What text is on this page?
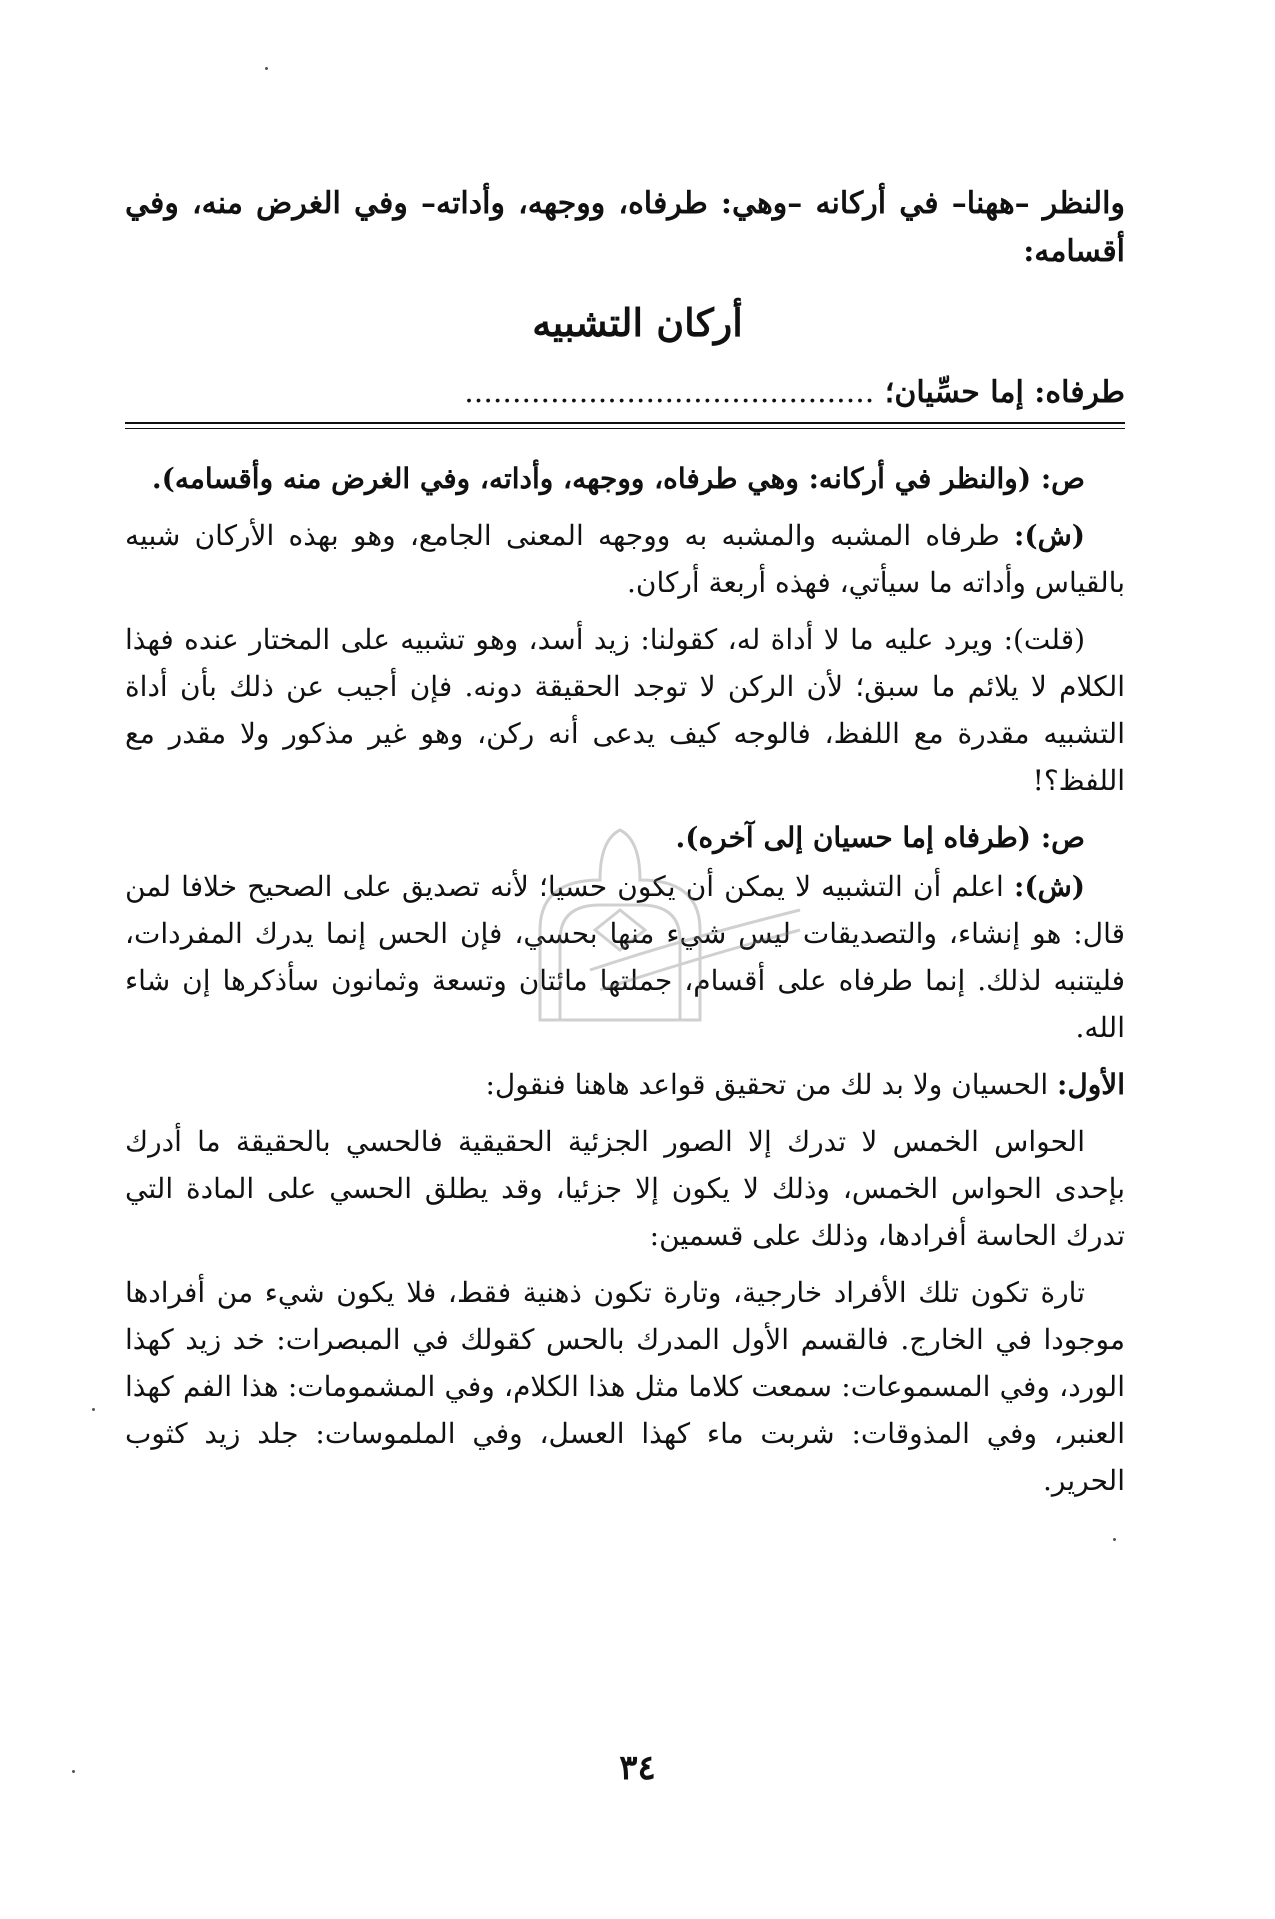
والنظر –ههنا– في أركانه –وهي: طرفاه، ووجهه، وأداته– وفي الغرض منه، وفي أقسامه:

أركان التشبيه
طرفاه: إما حسِّيان؛ ...........................................

ص: (والنظر في أركانه: وهي طرفاه، ووجهه، وأداته، وفي الغرض منه وأقسامه).

(ش): طرفاه المشبه والمشبه به ووجهه المعنى الجامع، وهو بهذه الأركان شبيه بالقياس وأداته ما سيأتي، فهذه أربعة أركان.

(قلت): ويرد عليه ما لا أداة له، كقولنا: زيد أسد، وهو تشبيه على المختار عنده فهذا الكلام لا يلائم ما سبق؛ لأن الركن لا توجد الحقيقة دونه. فإن أجيب عن ذلك بأن أداة التشبيه مقدرة مع اللفظ، فالوجه كيف يدعى أنه ركن، وهو غير مذكور ولا مقدر مع اللفظ؟!

ص: (طرفاه إما حسيان إلى آخره).

(ش): اعلم أن التشبيه لا يمكن أن يكون حسيا؛ لأنه تصديق على الصحيح خلافا لمن قال: هو إنشاء، والتصديقات ليس شيء منها بحسي، فإن الحس إنما يدرك المفردات، فليتنبه لذلك. إنما طرفاه على أقسام، جملتها مائتان وتسعة وثمانون سأذكرها إن شاء الله.

الأول: الحسيان ولا بد لك من تحقيق قواعد هاهنا فنقول:

الحواس الخمس لا تدرك إلا الصور الجزئية الحقيقية فالحسي بالحقيقة ما أدرك بإحدى الحواس الخمس، وذلك لا يكون إلا جزئيا، وقد يطلق الحسي على المادة التي تدرك الحاسة أفرادها، وذلك على قسمين:

تارة تكون تلك الأفراد خارجية، وتارة تكون ذهنية فقط، فلا يكون شيء من أفرادها موجودا في الخارج. فالقسم الأول المدرك بالحس كقولك في المبصرات: خد زيد كهذا الورد، وفي المسموعات: سمعت كلاما مثل هذا الكلام، وفي المشمومات: هذا الفم كهذا العنبر، وفي المذوقات: شربت ماء كهذا العسل، وفي الملموسات: جلد زيد كثوب الحرير.

٣٤
